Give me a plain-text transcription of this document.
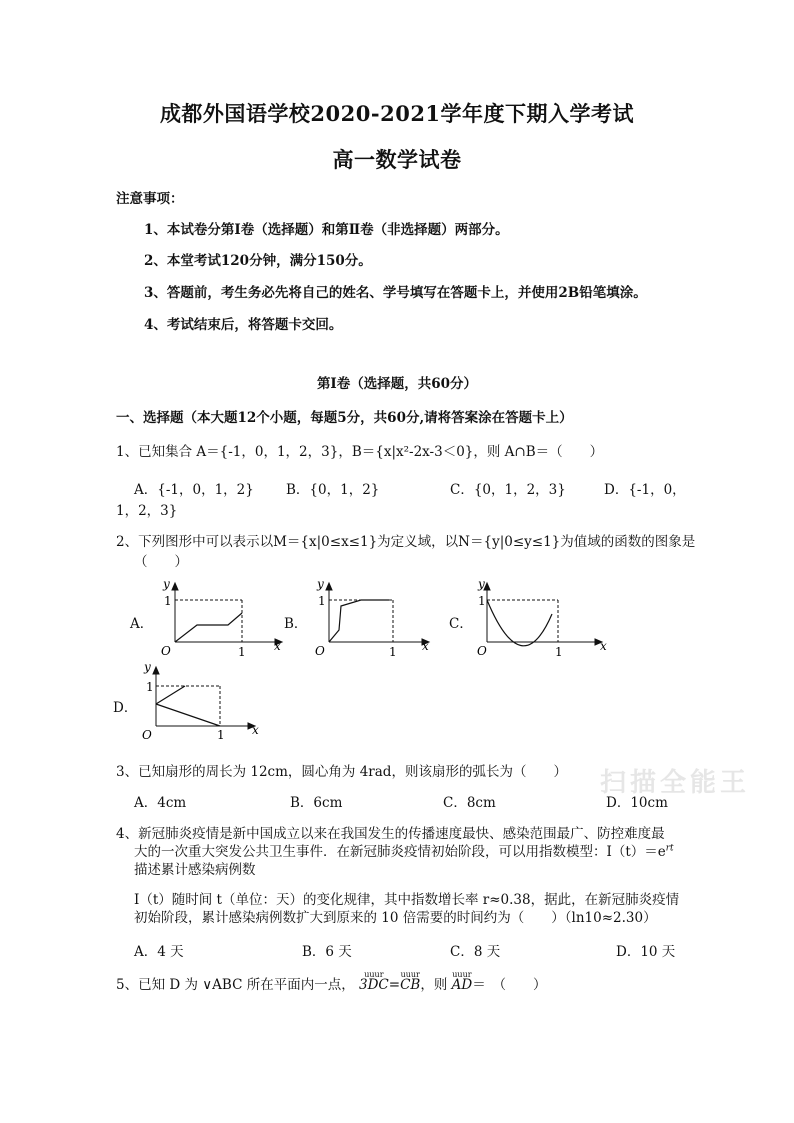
成都外国语学校2020-2021学年度下期入学考试
高一数学试卷
注意事项：
1、本试卷分第Ⅰ卷（选择题）和第Ⅱ卷（非选择题）两部分。
2、本堂考试120分钟，满分150分。
3、答题前，考生务必先将自己的姓名、学号填写在答题卡上，并使用2B铅笔填涂。
4、考试结束后，将答题卡交回。
第Ⅰ卷（选择题，共60分）
一、选择题（本大题12个小题，每题5分，共60分,请将答案涂在答题卡上）
1、已知集合 A＝{-1，0，1，2，3}，B＝{x|x²-2x-3＜0}，则 A∩B＝（　　）
A．{-1，0，1，2} B．{0，1，2}	C．{0，1，2，3}	D．{-1，0，
1，2，3}
2、下列图形中可以表示以M＝{x|0≤x≤1}为定义域，以N＝{y|0≤y≤1}为值域的函数的图象是
（　　）
A．	B．	C．
D．
y
1
O	1 x
y
1
O	1 x
y
1
O	1	x
y
1
O	1 x
3、已知扇形的周长为 12cm，圆心角为 4rad，则该扇形的弧长为（　　）
A．4cm	B．6cm	C．8cm	D．10cm
扫描全能王
4、新冠肺炎疫情是新中国成立以来在我国发生的传播速度最快、感染范围最广、防控难度最
大的一次重大突发公共卫生事件．在新冠肺炎疫情初始阶段，可以用指数模型：$I(t)=e^{rt}$
描述累计感染病例数
I（t）随时间 t（单位：天）的变化规律，其中指数增长率 r≈0.38，据此，在新冠肺炎疫情
初始阶段，累计感染病例数扩大到原来的 10 倍需要的时间约为（　　）（ln10≈2.30）
A．4 天	B．6 天	C．8 天	D．10 天
5、已知 D 为 ∨ABC 所在平面内一点，
uuur
3DC=
uuur
CB，则
uuur
AD＝　（　　）
